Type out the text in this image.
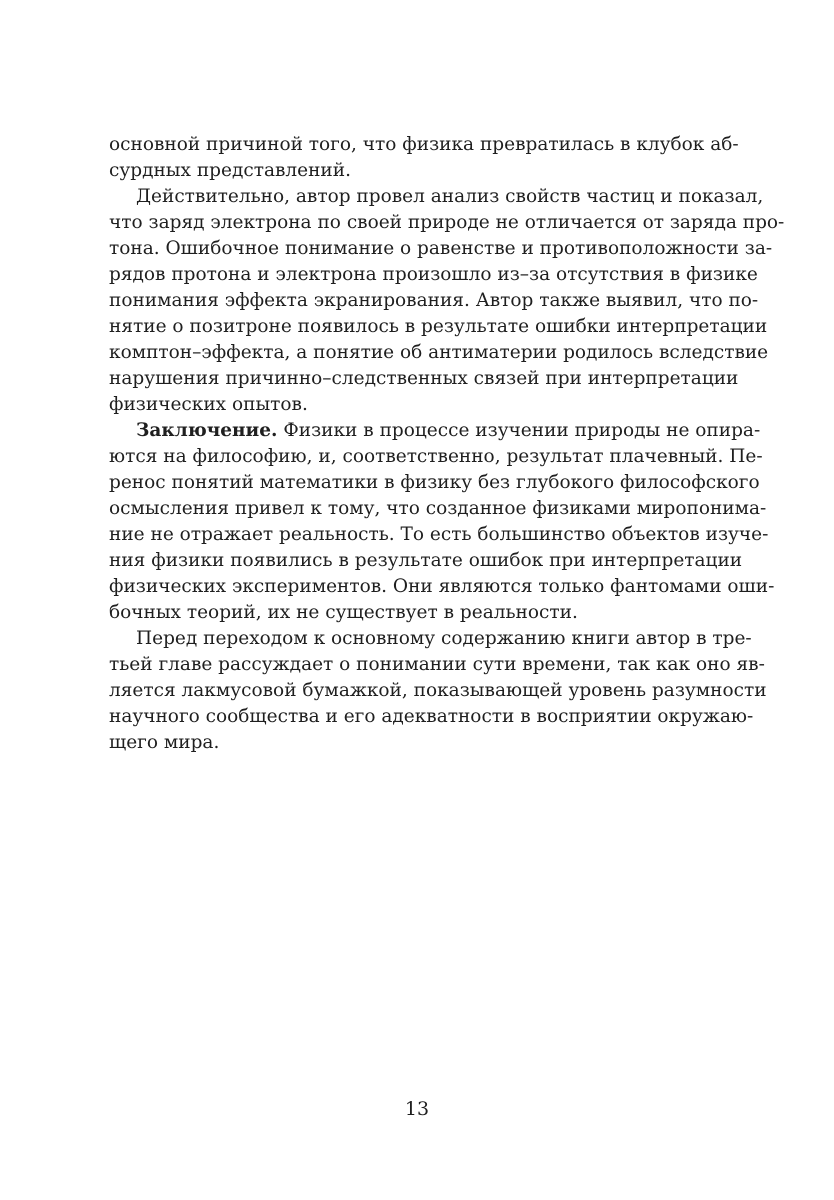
основной причиной того, что физика превратилась в клубок аб-
сурдных представлений.
Действительно, автор провел анализ свойств частиц и показал,
что заряд электрона по своей природе не отличается от заряда про-
тона. Ошибочное понимание о равенстве и противоположности за-
рядов протона и электрона произошло из–за отсутствия в физике
понимания эффекта экранирования. Автор также выявил, что по-
нятие о позитроне появилось в результате ошибки интерпретации
комптон–эффекта, а понятие об антиматерии родилось вследствие
нарушения причинно–следственных связей при интерпретации
физических опытов.
Заключение. Физики в процессе изучении природы не опира-
ются на философию, и, соответственно, результат плачевный. Пе-
ренос понятий математики в физику без глубокого философского
осмысления привел к тому, что созданное физиками миропонима-
ние не отражает реальность. То есть большинство объектов изуче-
ния физики появились в результате ошибок при интерпретации
физических экспериментов. Они являются только фантомами оши-
бочных теорий, их не существует в реальности.
Перед переходом к основному содержанию книги автор в тре-
тьей главе рассуждает о понимании сути времени, так как оно яв-
ляется лакмусовой бумажкой, показывающей уровень разумности
научного сообщества и его адекватности в восприятии окружаю-
щего мира.
13
